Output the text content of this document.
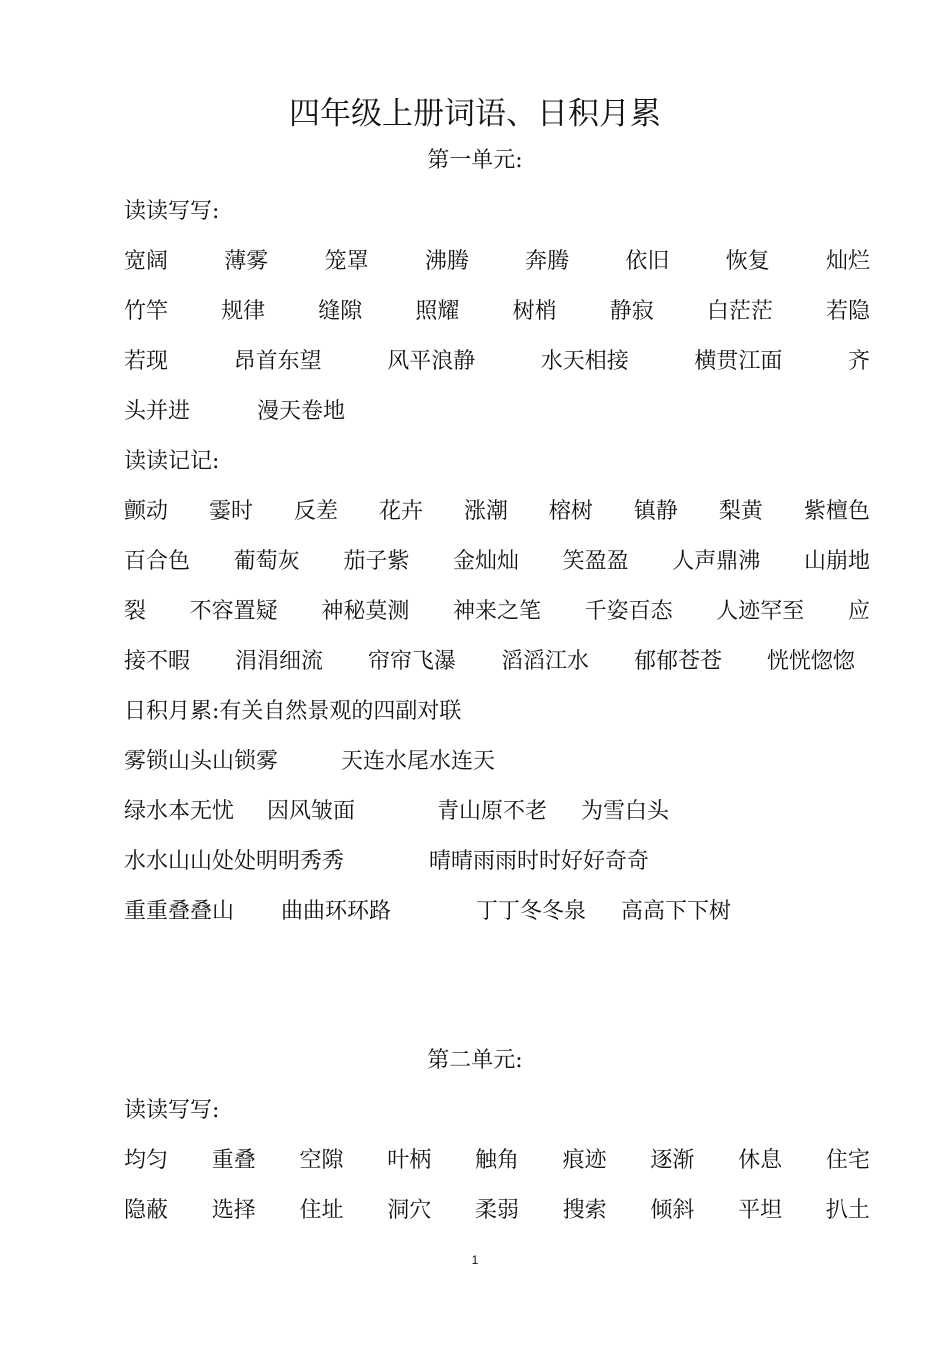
四年级上册词语、日积月累
第一单元:
读读写写:
宽阔	薄雾	笼罩	沸腾	奔腾	依旧	恢复	灿烂
竹竿 规律 缝隙 照耀 树梢 静寂 白茫茫 若隐
若现	昂首东望	风平浪静	水天相接	横贯江面	齐
头并进	漫天卷地
读读记记:
颤动 霎时 反差 花卉 涨潮 榕树 镇静 梨黄 紫檀色
百合色 葡萄灰 茄子紫 金灿灿 笑盈盈 人声鼎沸 山崩地
裂 不容置疑 神秘莫测 神来之笔 千姿百态 人迹罕至 应
接不暇 涓涓细流 帘帘飞瀑 滔滔江水 郁郁苍苍 恍恍惚惚
日积月累:有关自然景观的四副对联
雾锁山头山锁雾	天连水尾水连天
绿水本无忧 因风皱面	青山原不老 为雪白头
水水山山处处明明秀秀	晴晴雨雨时时好好奇奇
重重叠叠山 曲曲环环路	丁丁冬冬泉 高高下下树
第二单元:
读读写写:
均匀 重叠 空隙 叶柄 触角 痕迹 逐渐 休息 住宅
隐蔽 选择 住址 洞穴 柔弱 搜索 倾斜 平坦 扒土
1
